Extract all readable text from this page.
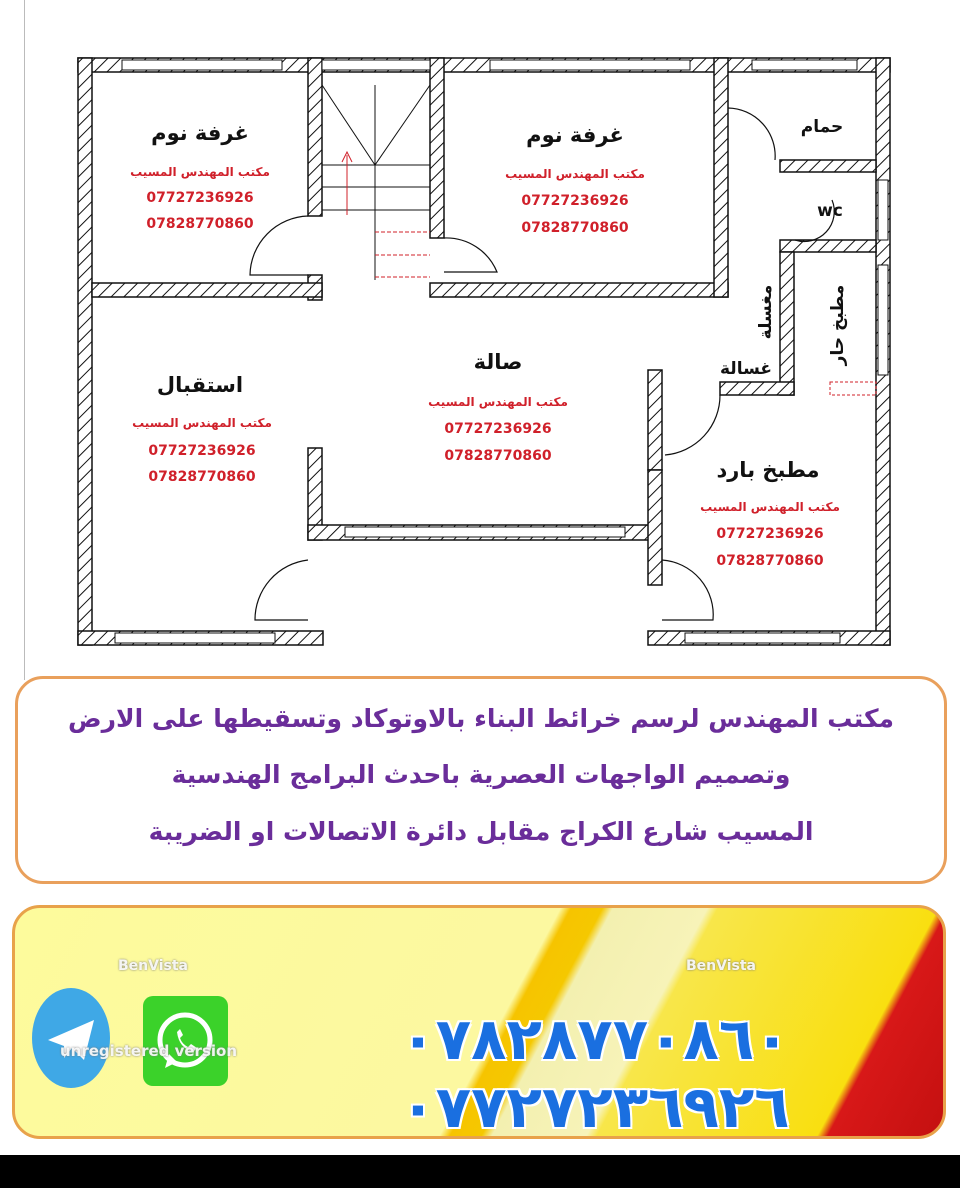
غرفة نوم
مكتب المهندس المسيب
07727236926
07828770860
غرفة نوم
مكتب المهندس المسيب
07727236926
07828770860
حمام
wc
مغسلة	مطبخ حار
غسالة
صالة
مكتب المهندس المسيب
07727236926
07828770860
استقبال
مكتب المهندس المسيب
07727236926
07828770860	مطبخ بارد
مكتب المهندس المسيب
07727236926
07828770860
مكتب المهندس لرسم خرائط البناء بالاوتوكاد وتسقيطها على الارض
وتصميم الواجهات العصرية باحدث البرامج الهندسية
المسيب شارع الكراج مقابل دائرة الاتصالات او الضريبة
٠٧٨٢٨٧٧٠٨٦٠ ٠٧٧٢٧٢٣٦٩٢٦
BenVista	BenVista
unregistered version
